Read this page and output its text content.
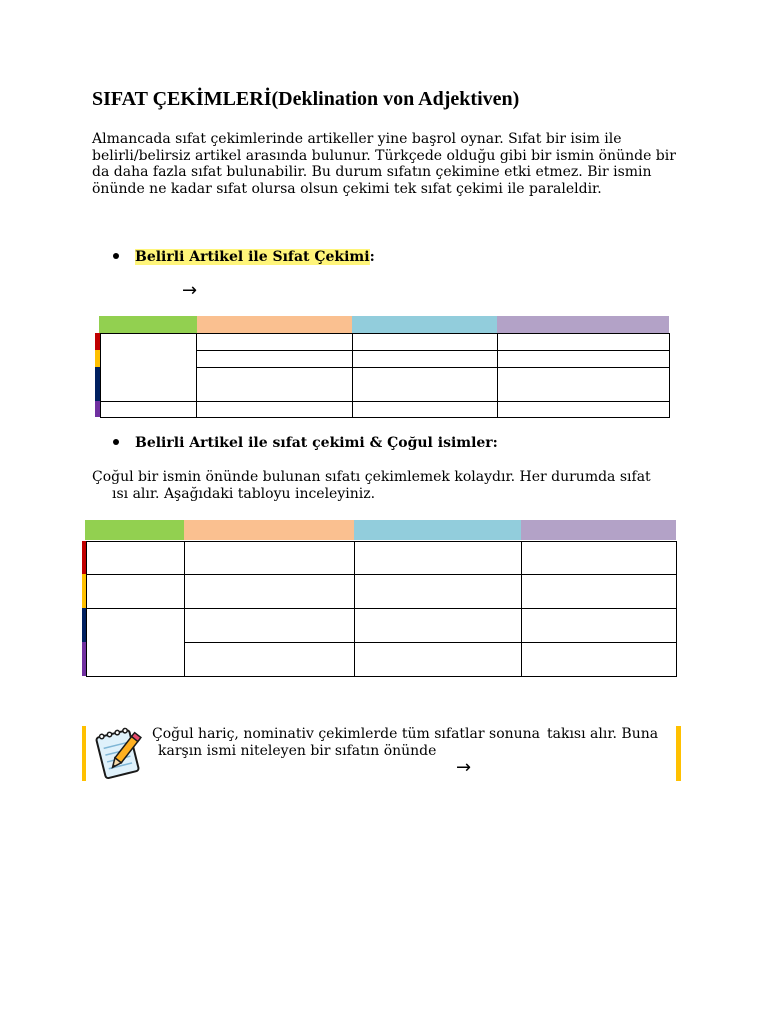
SIFAT ÇEKİMLERİ(Deklination von Adjektiven)
Almancada sıfat çekimlerinde artikeller yine başrol oynar. Sıfat bir isim ile
belirli/belirsiz artikel arasında bulunur. Türkçede olduğu gibi bir ismin önünde bir
da daha fazla sıfat bulunabilir. Bu durum sıfatın çekimine etki etmez. Bir ismin
önünde ne kadar sıfat olursa olsun çekimi tek sıfat çekimi ile paraleldir.
Belirli Artikel ile Sıfat Çekimi:
→
Belirli Artikel ile sıfat çekimi & Çoğul isimler:
Çoğul bir ismin önünde bulunan sıfatı çekimlemek kolaydır. Her durumda sıfat
ısı alır. Aşağıdaki tabloyu inceleyiniz.
Çoğul hariç, nominativ çekimlerde tüm sıfatlar sonuna takısı alır. Buna
karşın ismi niteleyen bir sıfatın önünde
→
